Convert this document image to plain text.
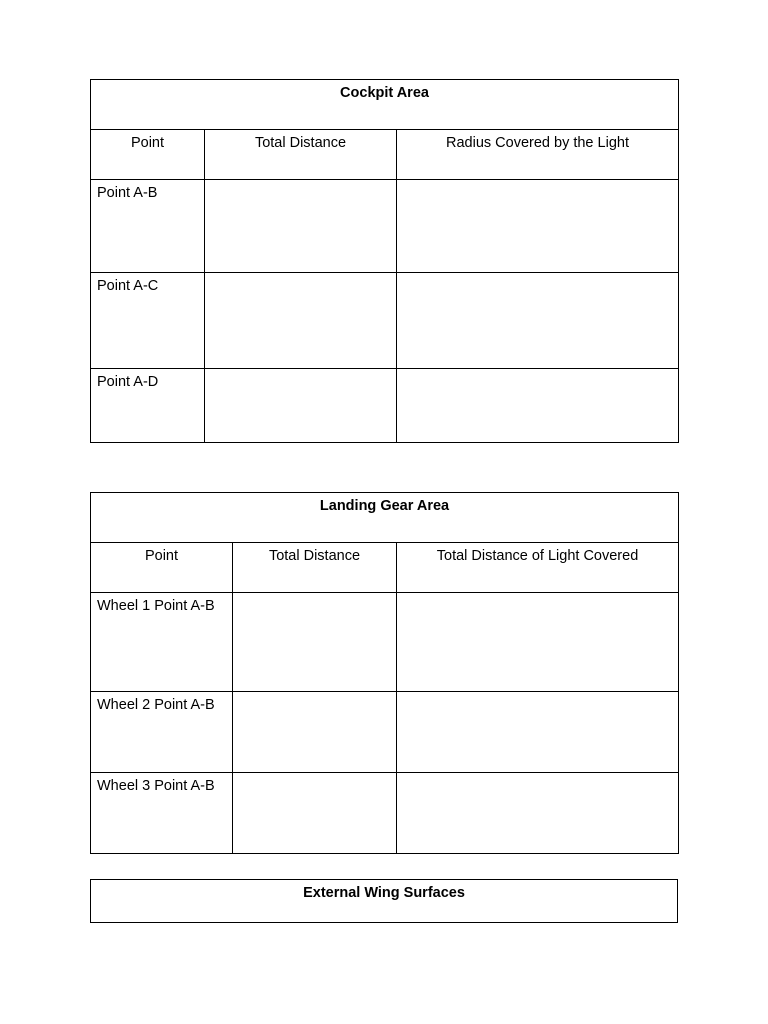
Cockpit Area		
Point	Total Distance	Radius Covered by the Light
Point A-B		
Point A-C		
Point A-D		
Landing Gear Area		
Point	Total Distance	Total Distance of Light Covered
Wheel 1 Point A-B		
Wheel 2 Point A-B		
Wheel 3 Point A-B		
External Wing Surfaces
